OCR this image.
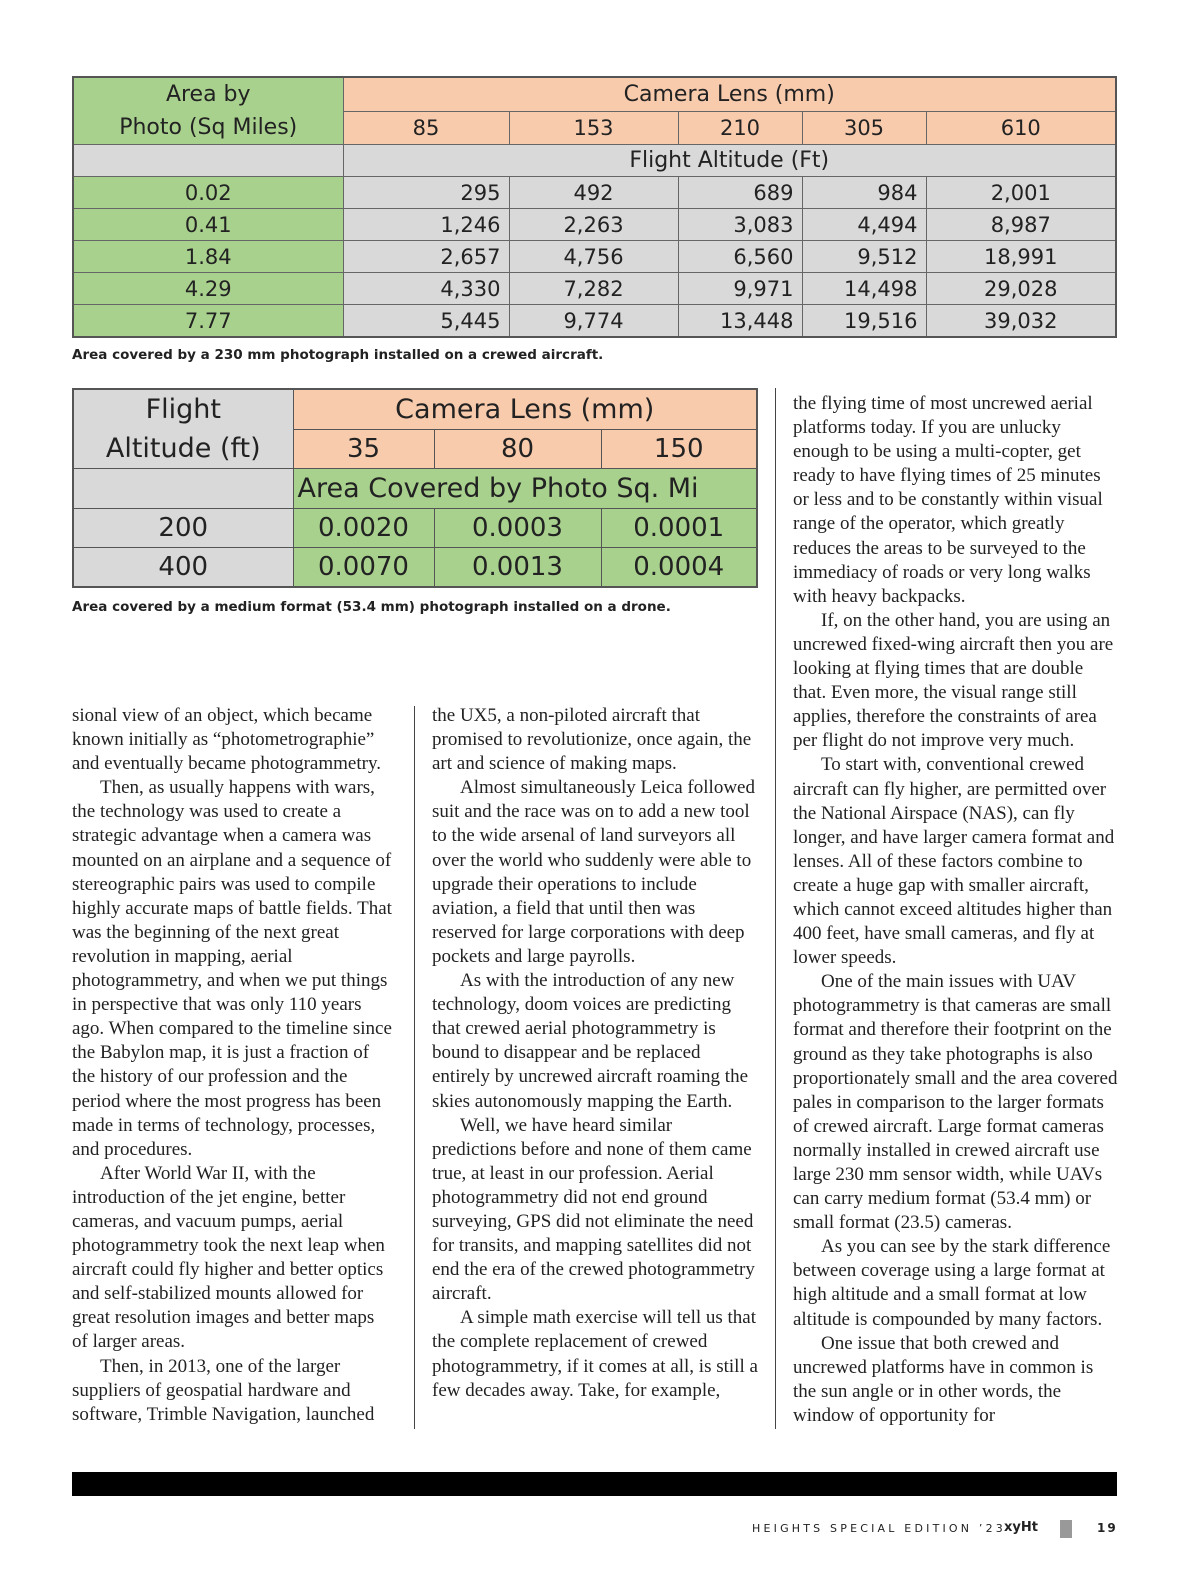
Area by
Photo (Sq Miles)	Camera Lens (mm)				
	85	153	210	305	610
	Flight Altitude (Ft)				
0.02	295	492	689	984	2,001
0.41	1,246	2,263	3,083	4,494	8,987
1.84	2,657	4,756	6,560	9,512	18,991
4.29	4,330	7,282	9,971	14,498	29,028
7.77	5,445	9,774	13,448	19,516	39,032
Area covered by a 230 mm photograph installed on a crewed aircraft.
Flight
Altitude (ft)	Camera Lens (mm)		
	35	80	150
	Area Covered by Photo Sq. Mi		
200	0.0020	0.0003	0.0001
400	0.0070	0.0013	0.0004
Area covered by a medium format (53.4 mm) photograph installed on a drone.

sional view of an object, which became known initially as “photometrographie” and eventually became photogrammetry.

Then, as usually happens with wars, the technology was used to create a strategic advantage when a camera was mounted on an airplane and a sequence of stereographic pairs was used to compile highly accurate maps of battle fields. That was the beginning of the next great revolution in mapping, aerial photogrammetry, and when we put things in perspective that was only 110 years ago. When compared to the timeline since the Babylon map, it is just a fraction of the history of our profession and the period where the most progress has been made in terms of technology, processes, and procedures.

After World War II, with the introduction of the jet engine, better cameras, and vacuum pumps, aerial photogrammetry took the next leap when aircraft could fly higher and better optics and self-stabilized mounts allowed for great resolution images and better maps of larger areas.

Then, in 2013, one of the larger suppliers of geospatial hardware and software, Trimble Navigation, launched

the UX5, a non-piloted aircraft that promised to revolutionize, once again, the art and science of making maps.

Almost simultaneously Leica followed suit and the race was on to add a new tool to the wide arsenal of land surveyors all over the world who suddenly were able to upgrade their operations to include aviation, a field that until then was reserved for large corporations with deep pockets and large payrolls.

As with the introduction of any new technology, doom voices are predicting that crewed aerial photogrammetry is bound to disappear and be replaced entirely by uncrewed aircraft roaming the skies autonomously mapping the Earth.

Well, we have heard similar predictions before and none of them came true, at least in our profession. Aerial photogrammetry did not end ground surveying, GPS did not eliminate the need for transits, and mapping satellites did not end the era of the crewed photogrammetry aircraft.

A simple math exercise will tell us that the complete replacement of crewed photogrammetry, if it comes at all, is still a few decades away. Take, for example,

the flying time of most uncrewed aerial platforms today. If you are unlucky enough to be using a multi-copter, get ready to have flying times of 25 minutes or less and to be constantly within visual range of the operator, which greatly reduces the areas to be surveyed to the immediacy of roads or very long walks with heavy backpacks.

If, on the other hand, you are using an uncrewed fixed-wing aircraft then you are looking at flying times that are double that. Even more, the visual range still applies, therefore the constraints of area per flight do not improve very much.

To start with, conventional crewed aircraft can fly higher, are permitted over the National Airspace (NAS), can fly longer, and have larger camera format and lenses. All of these factors combine to create a huge gap with smaller aircraft, which cannot exceed altitudes higher than 400 feet, have small cameras, and fly at lower speeds.

One of the main issues with UAV photogrammetry is that cameras are small format and therefore their footprint on the ground as they take photographs is also proportionately small and the area covered pales in comparison to the larger formats of crewed aircraft. Large format cameras normally installed in crewed aircraft use large 230 mm sensor width, while UAVs can carry medium format (53.4 mm) or small format (23.5) cameras.

As you can see by the stark difference between coverage using a large format at high altitude and a small format at low altitude is compounded by many factors.

One issue that both crewed and uncrewed platforms have in common is the sun angle or in other words, the window of opportunity for

HEIGHTS SPECIAL EDITION ’23
xyHt	19
